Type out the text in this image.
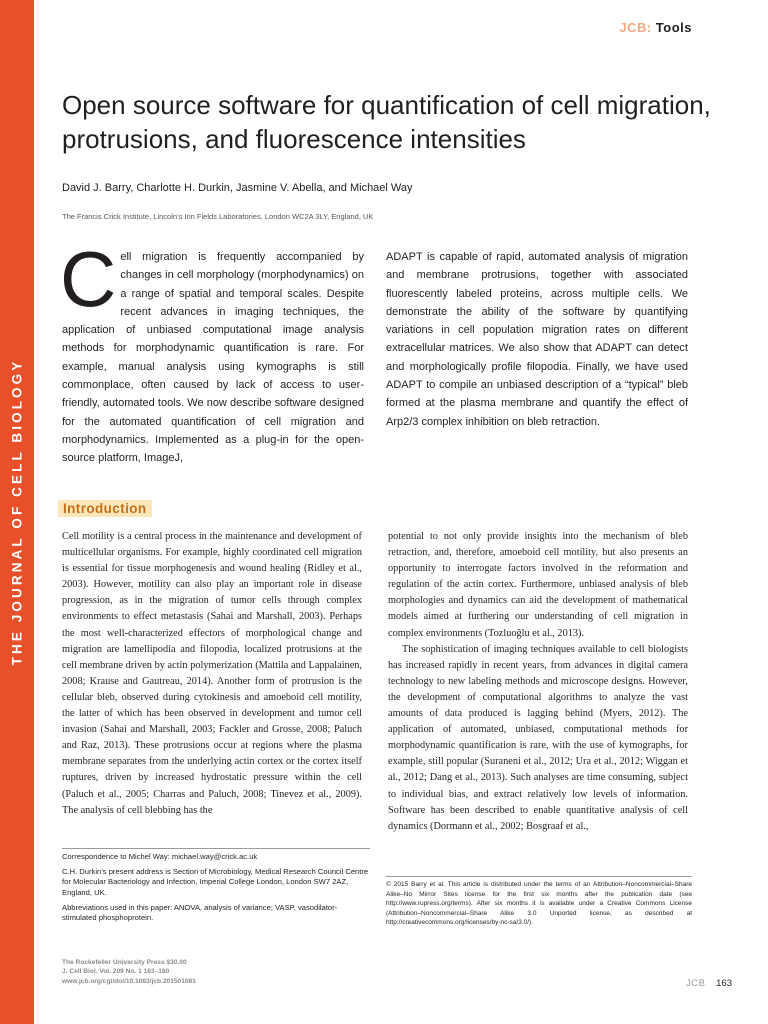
THE JOURNAL OF CELL BIOLOGY
JCB: Tools
Open source software for quantification of cell migration, protrusions, and fluorescence intensities
David J. Barry, Charlotte H. Durkin, Jasmine V. Abella, and Michael Way
The Francis Crick Institute, Lincoln’s Inn Fields Laboratories, London WC2A 3LY, England, UK
Cell migration is frequently accompanied by changes in cell morphology (morphodynamics) on a range of spatial and temporal scales. Despite recent advances in imaging techniques, the application of unbiased computational image analysis methods for morphodynamic quantification is rare. For example, manual analysis using kymographs is still commonplace, often caused by lack of access to user-friendly, automated tools. We now describe software designed for the automated quantification of cell migration and morphodynamics. Implemented as a plug-in for the open-source platform, ImageJ,
ADAPT is capable of rapid, automated analysis of migration and membrane protrusions, together with associated fluorescently labeled proteins, across multiple cells. We demonstrate the ability of the software by quantifying variations in cell population migration rates on different extracellular matrices. We also show that ADAPT can detect and morphologically profile filopodia. Finally, we have used ADAPT to compile an unbiased description of a “typical” bleb formed at the plasma membrane and quantify the effect of Arp2/3 complex inhibition on bleb retraction.
Introduction

Cell motility is a central process in the maintenance and development of multicellular organisms. For example, highly coordinated cell migration is essential for tissue morphogenesis and wound healing (Ridley et al., 2003). However, motility can also play an important role in disease progression, as in the migration of tumor cells through complex environments to effect metastasis (Sahai and Marshall, 2003). Perhaps the most well-characterized effectors of morphological change and migration are lamellipodia and filopodia, localized protrusions at the cell membrane driven by actin polymerization (Mattila and Lappalainen, 2008; Krause and Gautreau, 2014). Another form of protrusion is the cellular bleb, observed during cytokinesis and amoeboid cell motility, the latter of which has been observed in development and tumor cell invasion (Sahai and Marshall, 2003; Fackler and Grosse, 2008; Paluch and Raz, 2013). These protrusions occur at regions where the plasma membrane separates from the underlying actin cortex or the cortex itself ruptures, driven by increased hydrostatic pressure within the cell (Paluch et al., 2005; Charras and Paluch, 2008; Tinevez et al., 2009). The analysis of cell blebbing has the

potential to not only provide insights into the mechanism of bleb retraction, and, therefore, amoeboid cell motility, but also presents an opportunity to interrogate factors involved in the reformation and regulation of the actin cortex. Furthermore, unbiased analysis of bleb morphologies and dynamics can aid the development of mathematical models aimed at furthering our understanding of cell migration in complex environments (Tozluoğlu et al., 2013).

The sophistication of imaging techniques available to cell biologists has increased rapidly in recent years, from advances in digital camera technology to new labeling methods and microscope designs. However, the development of computational algorithms to analyze the vast amounts of data produced is lagging behind (Myers, 2012). The application of automated, unbiased, computational methods for morphodynamic quantification is rare, with the use of kymographs, for example, still popular (Suraneni et al., 2012; Ura et al., 2012; Wiggan et al., 2012; Dang et al., 2013). Such analyses are time consuming, subject to individual bias, and extract relatively low levels of information. Software has been described to enable quantitative analysis of cell dynamics (Dormann et al., 2002; Bosgraaf et al.,

Correspondence to Michel Way: michael.way@crick.ac.uk

C.H. Durkin’s present address is Section of Microbiology, Medical Research Council Centre for Molecular Bacteriology and Infection, Imperial College London, London SW7 2AZ, England, UK.

Abbreviations used in this paper: ANOVA, analysis of variance; VASP, vasodilator-stimulated phosphoprotein.

© 2015 Barry et al. This article is distributed under the terms of an Attribution–Noncommercial–Share Alike–No Mirror Sites license for the first six months after the publication date (see http://www.rupress.org/terms). After six months it is available under a Creative Commons License (Attribution–Noncommercial–Share Alike 3.0 Unported license, as described at http://creativecommons.org/licenses/by-nc-sa/3.0/).
The Rockefeller University Press $30.00
J. Cell Biol. Vol. 209 No. 1 163–180
www.jcb.org/cgi/doi/10.1083/jcb.201501081	JCB 163
